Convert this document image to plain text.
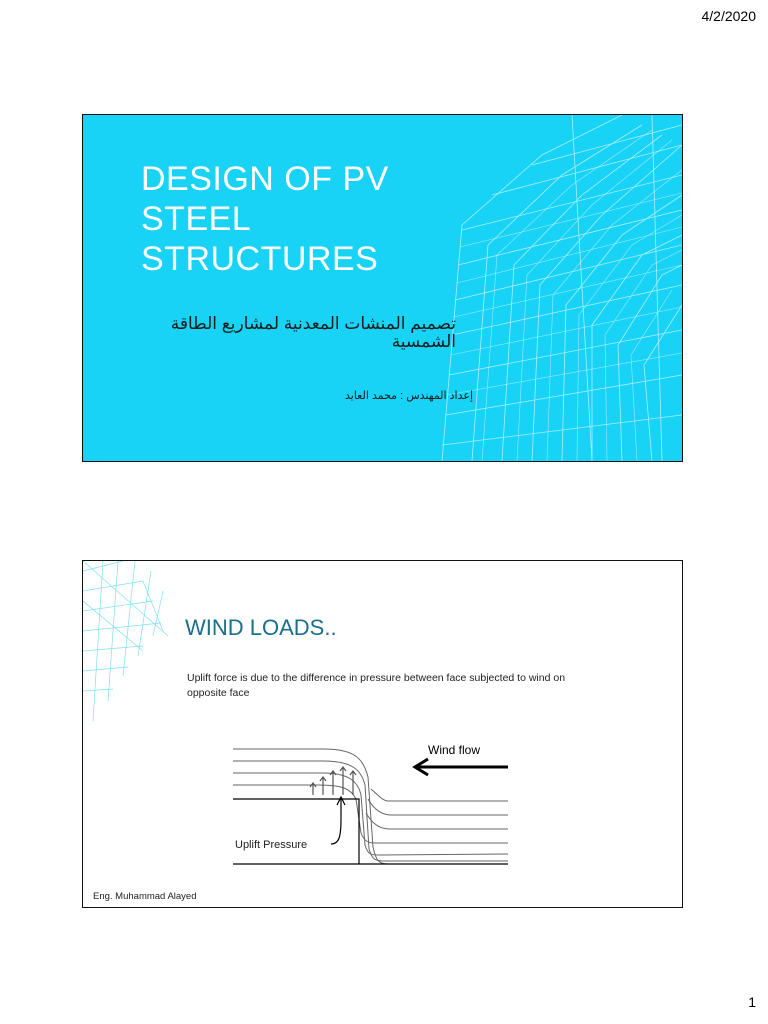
4/2/2020
DESIGN OF PV STEEL STRUCTURES
تصميم المنشات المعدنية لمشاريع الطاقة الشمسية
إعداد المهندس : محمد العايد
WIND LOADS..
Uplift force is due to the difference in pressure between face subjected to wind on opposite face
Wind flow
Uplift Pressure
Eng. Muhammad Alayed
1
